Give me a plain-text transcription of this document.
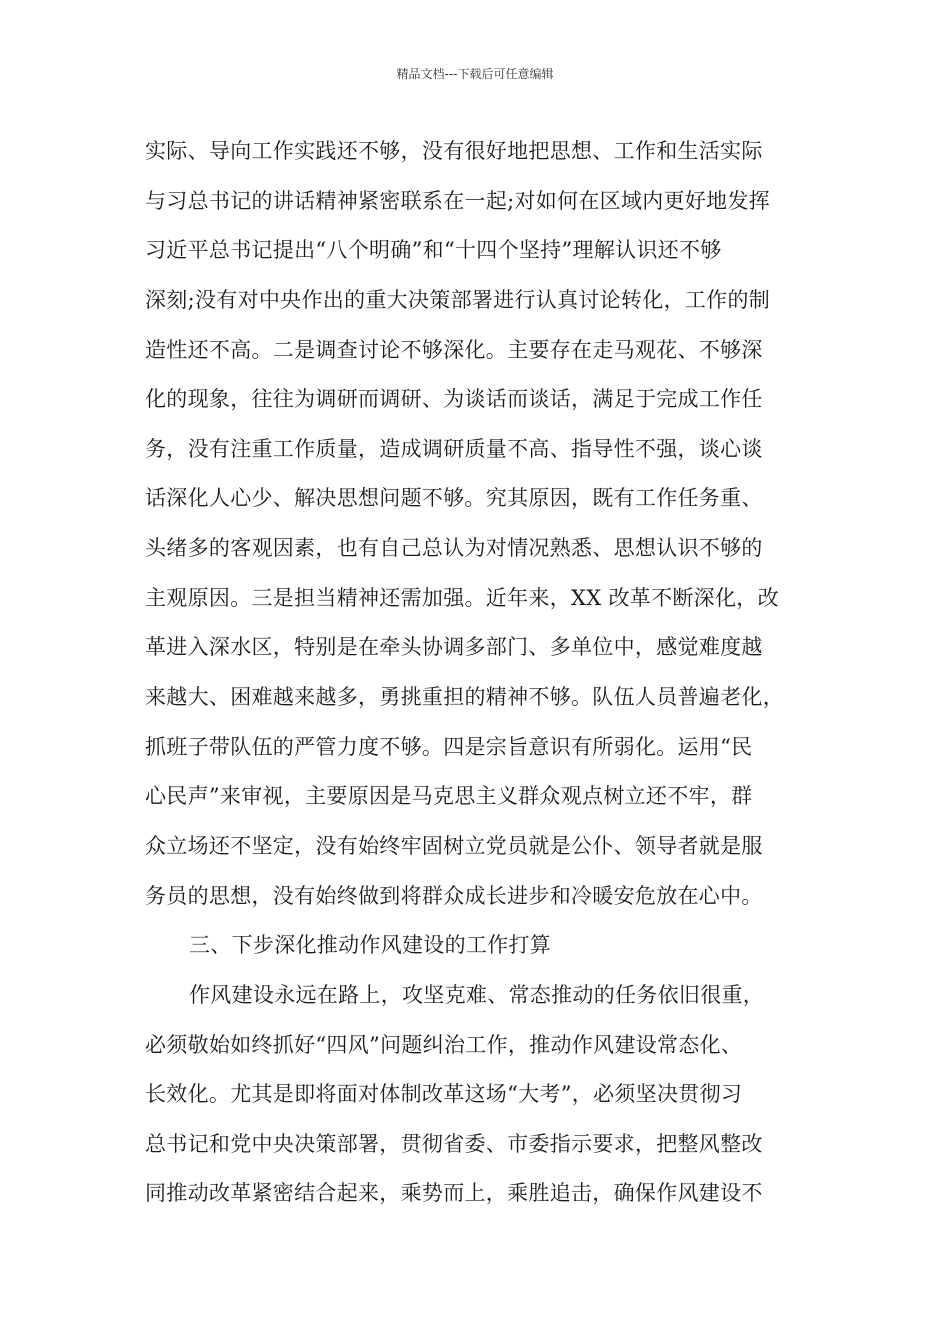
精品文档---下载后可任意编辑
实际、导向工作实践还不够，没有很好地把思想、工作和生活实际
与习总书记的讲话精神紧密联系在一起;对如何在区域内更好地发挥
习近平总书记提出“八个明确”和“十四个坚持”理解认识还不够
深刻;没有对中央作出的重大决策部署进行认真讨论转化，工作的制
造性还不高。二是调查讨论不够深化。主要存在走马观花、不够深
化的现象，往往为调研而调研、为谈话而谈话，满足于完成工作任
务，没有注重工作质量，造成调研质量不高、指导性不强，谈心谈
话深化人心少、解决思想问题不够。究其原因，既有工作任务重、
头绪多的客观因素，也有自己总认为对情况熟悉、思想认识不够的
主观原因。三是担当精神还需加强。近年来，XX 改革不断深化，改
革进入深水区，特别是在牵头协调多部门、多单位中，感觉难度越
来越大、困难越来越多，勇挑重担的精神不够。队伍人员普遍老化，
抓班子带队伍的严管力度不够。四是宗旨意识有所弱化。运用“民
心民声”来审视，主要原因是马克思主义群众观点树立还不牢，群
众立场还不坚定，没有始终牢固树立党员就是公仆、领导者就是服
务员的思想，没有始终做到将群众成长进步和冷暖安危放在心中。
三、下步深化推动作风建设的工作打算
作风建设永远在路上，攻坚克难、常态推动的任务依旧很重，
必须敬始如终抓好“四风”问题纠治工作，推动作风建设常态化、
长效化。尤其是即将面对体制改革这场“大考”，必须坚决贯彻习
总书记和党中央决策部署，贯彻省委、市委指示要求，把整风整改
同推动改革紧密结合起来，乘势而上，乘胜追击，确保作风建设不
